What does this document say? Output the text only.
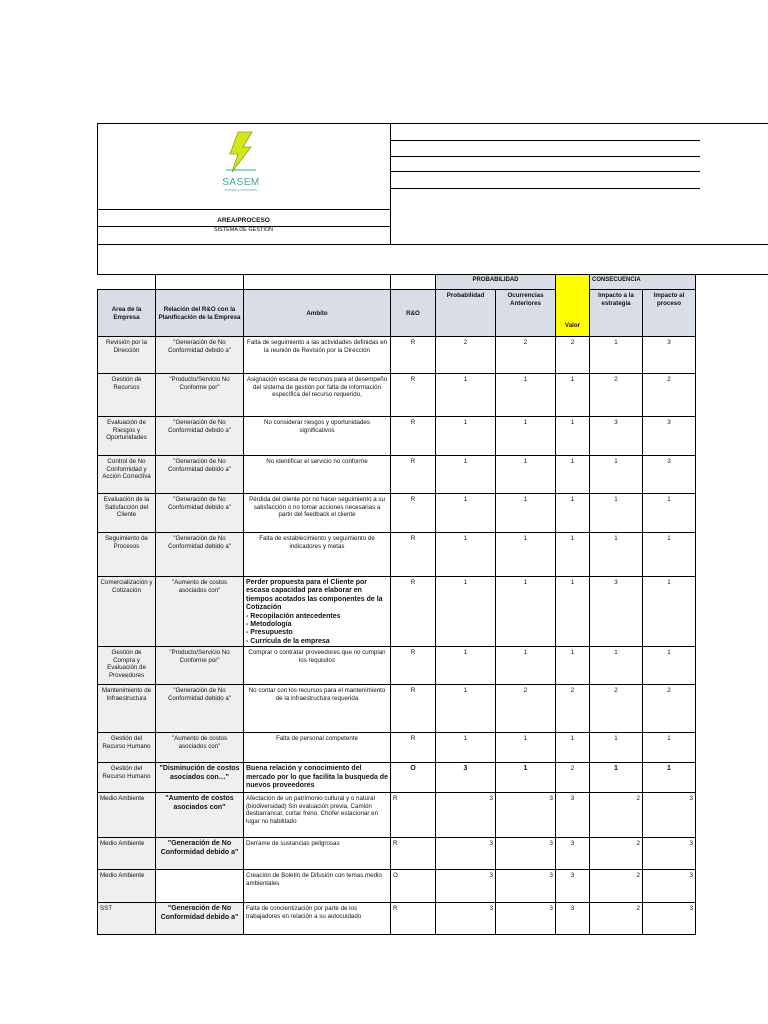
SASEM
energía y soluciones
AREA/PROCESO
SISTEMA DE GESTION
				PROBABILIDAD		Valor	CONSECUENCIA	
Area de la Empresa	Relación del R&O con la Planificación de la Empresa	Ambito	R&O	Probabilidad	Ocurrencias Anteriores		Impacto a la estrategia	Impacto al proceso
Revisión por la Dirección	"Generación de No Conformidad debido a"	Falta de seguimiento a las actividades definidas en la reunión de Revisión por la Dirección	R	2	2	2	1	3
Gestión de Recursos	"Producto/Servicio No Conforme por"	Asignación escasa de recursos para el desempeño del sistema de gestión por falta de información específica del recurso requerido,	R	1	1	1	2	2
Evaluación de Riesgos y Oportunidades	"Generación de No Conformidad debido a"	No considerar riesgos y oportunidades significativos	R	1	1	1	3	3
Control de No Conformidad y Acción Correctiva	"Generación de No Conformidad debido a"	No identificar el servicio no conforme	R	1	1	1	1	3
Evaluación de la Satisfacción del Cliente	"Generación de No Conformidad debido a"	Pérdida del cliente por no hacer seguimiento a su satisfacción o no tomar acciones necesarias a partir del feedback el cliente	R	1	1	1	1	1
Seguimiento de Procesos	"Generación de No Conformidad debido a"	Falta de establecimiento y seguimiento de indicadores y metas	R	1	1	1	1	1
Comercialización y Cotización	"Aumento de costos asociados con"	Perder propuesta para el Cliente por escasa capacidad para elaborar en tiempos acotados las componentes de la Cotización
- Recopilación antecedentes
- Metodología
- Presupuesto
- Currícula de la empresa	R	1	1	1	3	1
Gestión de Compra y Evaluación de Proveedores	"Producto/Servicio No Conforme por"	Comprar o contratar proveedores que no cumplan los requisitos	R	1	1	1	1	1
Mantenimiento de Infraestructura	"Generación de No Conformidad debido a"	No contar con los recursos para el mantenimiento de la infraestructura requerida	R	1	2	2	2	2
Gestión del Recurso Humano	"Aumento de costos asociados con"	Falta de personal competente	R	1	1	1	1	1
Gestión del Recurso Humano	"Disminución de costos asociados con…"	Buena relación y conocimiento del mercado por lo que facilita la busqueda de nuevos proveedores	O	3	1	2	1	1
Medio Ambiente	"Aumento de costos asociados con"	Afectación de un patrimonio cultural y o natural (biodiversidad) Sin evaluación previa, Camión desbarrancar, cortar freno. Chofer estacionar en lugar no habilitado	R	3	3	3	2	3
Medio Ambiente	"Generación de No Conformidad debido a"	Derrame de sustancias peligrosas	R	3	3	3	2	3
Medio Ambiente		Creación de Boletín de Difusión con temas medio ambientales	O	3	3	3	2	3
SST	"Generación de No Conformidad debido a"	Falta de concientización por parte de los trabajadores en relación a su autocuidado	R	3	3	3	2	3
